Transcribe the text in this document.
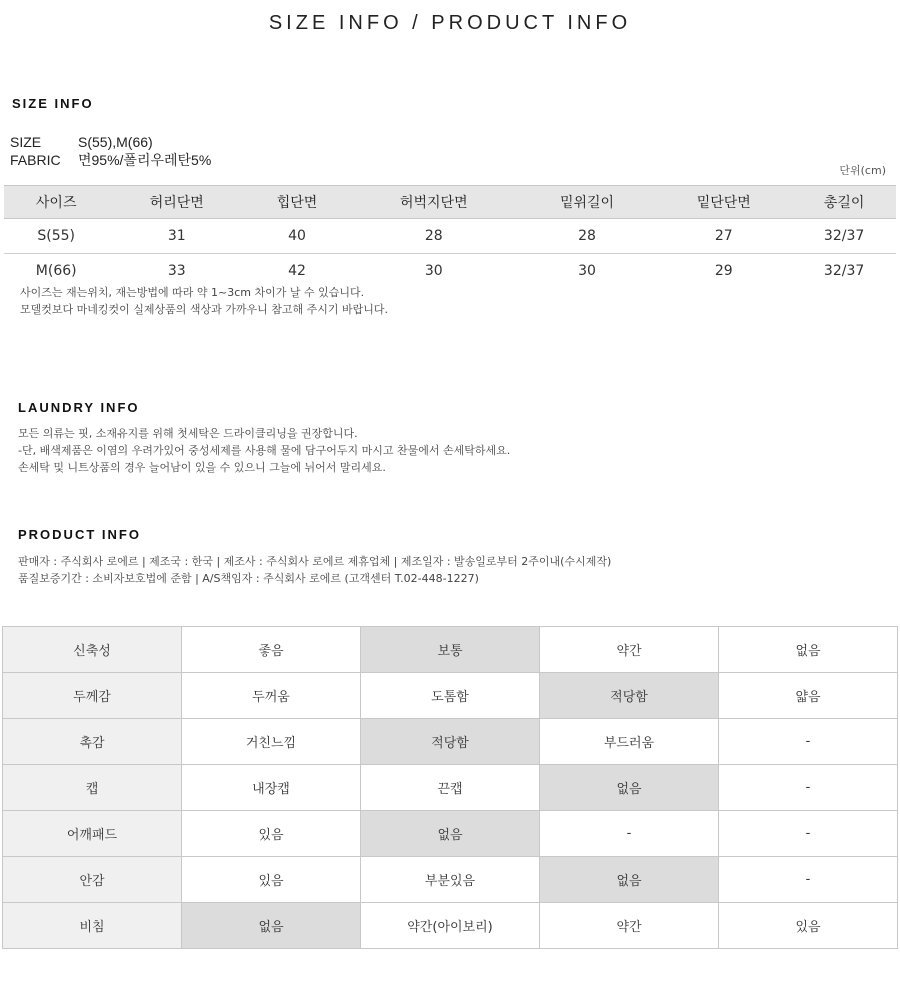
SIZE INFO / PRODUCT INFO
SIZE INFO
SIZE	S(55),M(66)
FABRIC 면95%/폴리우레탄5%
단위(cm)
사이즈	허리단면	힙단면	허벅지단면	밑위길이	밑단단면	총길이
S(55)	31	40	28	28	27	32/37
M(66)	33	42	30	30	29	32/37
사이즈는 재는위치, 재는방법에 따라 약 1~3cm 차이가 날 수 있습니다.
모델컷보다 마네킹컷이 실제상품의 색상과 가까우니 참고해 주시기 바랍니다.
LAUNDRY INFO
모든 의류는 핏, 소재유지를 위해 첫세탁은 드라이클리닝을 권장합니다.
-단, 배색제품은 이염의 우려가있어 중성세제를 사용해 물에 담구어두지 마시고 찬물에서 손세탁하세요.
손세탁 및 니트상품의 경우 늘어남이 있을 수 있으니 그늘에 뉘어서 말리세요.
PRODUCT INFO
판매자 : 주식회사 로에르 | 제조국 : 한국 | 제조사 : 주식회사 로에르 제휴업체 | 제조일자 : 발송일로부터 2주이내(수시제작)
품질보증기간 : 소비자보호법에 준함 | A/S책임자 : 주식회사 로에르 (고객센터 T.02-448-1227)
신축성	좋음	보통	약간	없음
두께감	두꺼움	도톰함	적당함	얇음
촉감	거친느낌	적당함	부드러움	-
캡	내장캡	끈캡	없음	-
어깨패드	있음	없음	-	-
안감	있음	부분있음	없음	-
비침	없음	약간(아이보리)	약간	있음
